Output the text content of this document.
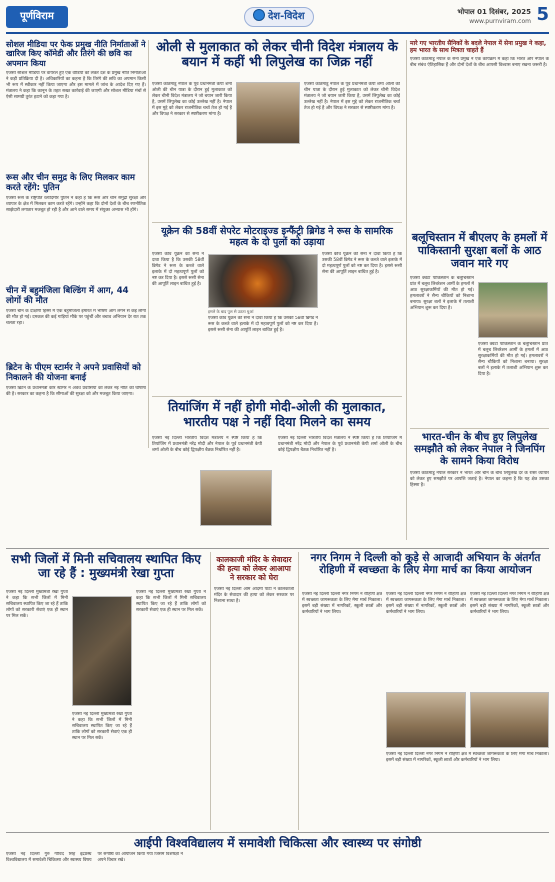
पूर्णविराम	देश-विदेश	भोपाल 01 दिसंबर, 2025
www.purnviram.com 5
सोशल मीडिया पर फेक प्रमुख नीति निर्माताओं ने खारिज किए कॉमेडी और तिरंगे की छवि का अपमान किया
एजेंसी सोशल मीडिया पर वायरल हुए एक वीडियो को लेकर देश के प्रमुख नीति निर्माताओं ने कड़ी प्रतिक्रिया दी है। अधिकारियों का कहना है कि तिरंगे की छवि का अपमान किसी भी रूप में स्वीकार नहीं किया जाएगा और इस मामले में जांच के आदेश दिए गए हैं। मंत्रालय ने कहा कि कानून के तहत सख्त कार्रवाई की जाएगी और सोशल मीडिया मंचों से ऐसी सामग्री तुरंत हटाने को कहा गया है।
रूस और चीन समुद्र के लिए मिलकर काम करते रहेंगे: पुतिन
एजेंसी रूस के राष्ट्रपति व्लादिमीर पुतिन ने कहा है कि रूस और चीन समुद्री सुरक्षा और व्यापार के क्षेत्र में मिलकर काम करते रहेंगे। उन्होंने कहा कि दोनों देशों के बीच रणनीतिक साझेदारी लगातार मजबूत हो रही है और आने वाले समय में संयुक्त अभ्यास भी होंगे।
चीन में बहुमंजिला बिल्डिंग में आग, 44 लोगों की मौत
एजेंसी चीन के दक्षिणी हिस्से में एक बहुमंजिला इमारत में भीषण आग लगने से कई लोगों की मौत हो गई। दमकल की कई गाड़ियां मौके पर पहुंचीं और बचाव अभियान देर रात तक चलता रहा।
ब्रिटेन के पीएम स्टार्मर ने अपने प्रवासियों को निकालने की योजना बनाई
एजेंसी ब्रिटेन के प्रधानमंत्री कीर स्टार्मर ने अवैध प्रवासियों को लेकर नई नीति की घोषणा की है। सरकार का कहना है कि सीमाओं की सुरक्षा को और मजबूत किया जाएगा।
ओली से मुलाकात को लेकर चीनी विदेश मंत्रालय के बयान में कहीं भी लिपुलेख का जिक्र नहीं
एजेंसी काठमांडू नेपाल के पूर्व प्रधानमंत्री केपी शर्मा ओली की चीन यात्रा के दौरान हुई मुलाकात को लेकर चीनी विदेश मंत्रालय ने जो बयान जारी किया है, उसमें लिपुलेख का कोई उल्लेख नहीं है। नेपाल में इस मुद्दे को लेकर राजनीतिक चर्चा तेज हो गई है और विपक्ष ने सरकार से स्पष्टीकरण मांगा है।
एजेंसी काठमांडू नेपाल के पूर्व प्रधानमंत्री केपी शर्मा ओली की चीन यात्रा के दौरान हुई मुलाकात को लेकर चीनी विदेश मंत्रालय ने जो बयान जारी किया है, उसमें लिपुलेख का कोई उल्लेख नहीं है। नेपाल में इस मुद्दे को लेकर राजनीतिक चर्चा तेज हो गई है और विपक्ष ने सरकार से स्पष्टीकरण मांगा है।
यूक्रेन की 58वीं सेपरेट मोटराइज्ड इन्फैंट्री ब्रिगेड ने रूस के सामरिक महत्व के दो पुलों को उड़ाया
एजेंसी कीव यूक्रेन की सेना ने दावा किया है कि उसकी 58वीं ब्रिगेड ने रूस के कब्जे वाले इलाके में दो महत्वपूर्ण पुलों को नष्ट कर दिया है। इससे रूसी सेना की आपूर्ति लाइन बाधित हुई है।
हमले के बाद पुल से उठता धुआं
एजेंसी कीव यूक्रेन की सेना ने दावा किया है कि उसकी 58वीं ब्रिगेड ने रूस के कब्जे वाले इलाके में दो महत्वपूर्ण पुलों को नष्ट कर दिया है। इससे रूसी सेना की आपूर्ति लाइन बाधित हुई है।
एजेंसी कीव यूक्रेन की सेना ने दावा किया है कि उसकी 58वीं ब्रिगेड ने रूस के कब्जे वाले इलाके में दो महत्वपूर्ण पुलों को नष्ट कर दिया है। इससे रूसी सेना की आपूर्ति लाइन बाधित हुई है।
तियांजिंग में नहीं होगी मोदी-ओली की मुलाकात, भारतीय पक्ष ने नहीं दिया मिलने का समय
एजेंसी नई दिल्ली भारतीय विदेश मंत्रालय ने स्पष्ट किया है कि तियांजिंग में प्रधानमंत्री नरेंद्र मोदी और नेपाल के पूर्व प्रधानमंत्री केपी शर्मा ओली के बीच कोई द्विपक्षीय बैठक निर्धारित नहीं है।
एजेंसी नई दिल्ली भारतीय विदेश मंत्रालय ने स्पष्ट किया है कि तियांजिंग में प्रधानमंत्री नरेंद्र मोदी और नेपाल के पूर्व प्रधानमंत्री केपी शर्मा ओली के बीच कोई द्विपक्षीय बैठक निर्धारित नहीं है।
मारे गए भारतीय सैनिकों के बदले नेपाल में सेना प्रमुख ने कहा, हम भारत के साथ मित्रता चाहते हैं
एजेंसी काठमांडू नेपाल के सेना प्रमुख ने एक कार्यक्रम में कहा कि भारत और नेपाल के बीच संबंध ऐतिहासिक हैं और दोनों देशों के बीच आपसी विश्वास बनाए रखना जरूरी है।
बलूचिस्तान में बीएलए के हमलों में पाकिस्तानी सुरक्षा बलों के आठ जवान मारे गए
एजेंसी क्वेटा पाकिस्तान के बलूचिस्तान प्रांत में बलूच लिबरेशन आर्मी के हमलों में आठ सुरक्षाकर्मियों की मौत हो गई। हमलावरों ने सैन्य चौकियों को निशाना बनाया। सुरक्षा बलों ने इलाके में तलाशी अभियान शुरू कर दिया है।
एजेंसी क्वेटा पाकिस्तान के बलूचिस्तान प्रांत में बलूच लिबरेशन आर्मी के हमलों में आठ सुरक्षाकर्मियों की मौत हो गई। हमलावरों ने सैन्य चौकियों को निशाना बनाया। सुरक्षा बलों ने इलाके में तलाशी अभियान शुरू कर दिया है।
भारत-चीन के बीच हुए लिपुलेख समझौते को लेकर नेपाल ने जिनपिंग के सामने किया विरोध
एजेंसी काठमांडू नेपाल सरकार ने भारत और चीन के बीच लिपुलेख दर्रे के रास्ते व्यापार को लेकर हुए समझौते पर आपत्ति जताई है। नेपाल का कहना है कि यह क्षेत्र उसका हिस्सा है।
सभी जिलों में मिनी सचिवालय स्थापित किए जा रहे हैं : मुख्यमंत्री रेखा गुप्ता
एजेंसी नई दिल्ली मुख्यमंत्री रेखा गुप्ता ने कहा कि सभी जिलों में मिनी सचिवालय स्थापित किए जा रहे हैं ताकि लोगों को सरकारी सेवाएं एक ही स्थान पर मिल सकें।
एजेंसी नई दिल्ली मुख्यमंत्री रेखा गुप्ता ने कहा कि सभी जिलों में मिनी सचिवालय स्थापित किए जा रहे हैं ताकि लोगों को सरकारी सेवाएं एक ही स्थान पर मिल सकें।
एजेंसी नई दिल्ली मुख्यमंत्री रेखा गुप्ता ने कहा कि सभी जिलों में मिनी सचिवालय स्थापित किए जा रहे हैं ताकि लोगों को सरकारी सेवाएं एक ही स्थान पर मिल सकें।
कालकाजी मंदिर के सेवादार की हत्या को लेकर आआपा ने सरकार को घेरा
एजेंसी नई दिल्ली आम आदमी पार्टी ने कालकाजी मंदिर के सेवादार की हत्या को लेकर सरकार पर निशाना साधा है।
नगर निगम ने दिल्ली को कूड़े से आजादी अभियान के अंतर्गत रोहिणी में स्वच्छता के लिए मेगा मार्च का किया आयोजन
एजेंसी नई दिल्ली दिल्ली नगर निगम ने रोहिणी क्षेत्र में स्वच्छता जागरूकता के लिए मेगा मार्च निकाला। इसमें बड़ी संख्या में नागरिकों, स्कूली छात्रों और कर्मचारियों ने भाग लिया।
एजेंसी नई दिल्ली दिल्ली नगर निगम ने रोहिणी क्षेत्र में स्वच्छता जागरूकता के लिए मेगा मार्च निकाला। इसमें बड़ी संख्या में नागरिकों, स्कूली छात्रों और कर्मचारियों ने भाग लिया।
एजेंसी नई दिल्ली दिल्ली नगर निगम ने रोहिणी क्षेत्र में स्वच्छता जागरूकता के लिए मेगा मार्च निकाला। इसमें बड़ी संख्या में नागरिकों, स्कूली छात्रों और कर्मचारियों ने भाग लिया।
एजेंसी नई दिल्ली दिल्ली नगर निगम ने रोहिणी क्षेत्र में स्वच्छता जागरूकता के लिए मेगा मार्च निकाला। इसमें बड़ी संख्या में नागरिकों, स्कूली छात्रों और कर्मचारियों ने भाग लिया।
आईपी विश्वविद्यालय में समावेशी चिकित्सा और स्वास्थ्य पर संगोष्ठी
एजेंसी नई दिल्ली गुरु गोविंद सिंह इंद्रप्रस्थ विश्वविद्यालय में समावेशी चिकित्सा और स्वास्थ्य विषय पर संगोष्ठी का आयोजन किया गया जिसमें विशेषज्ञों ने अपने विचार रखे।
